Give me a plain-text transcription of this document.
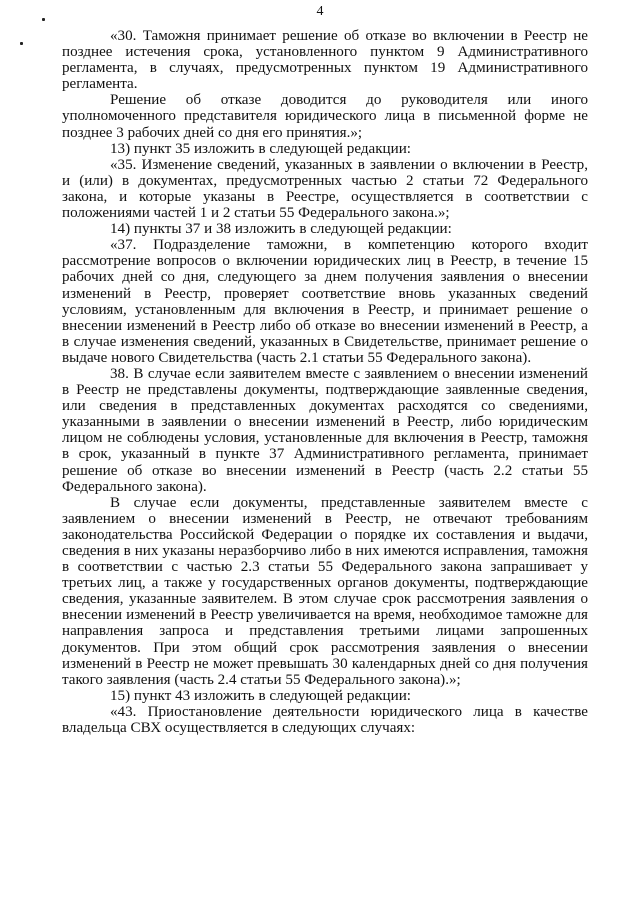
4

«30. Таможня принимает решение об отказе во включении в Реестр не позднее истечения срока, установленного пунктом 9 Административного регламента, в случаях, предусмотренных пунктом 19 Административного регламента.

Решение об отказе доводится до руководителя или иного уполномоченного представителя юридического лица в письменной форме не позднее 3 рабочих дней со дня его принятия.»;

13) пункт 35 изложить в следующей редакции:

«35. Изменение сведений, указанных в заявлении о включении в Реестр, и (или) в документах, предусмотренных частью 2 статьи 72 Федерального закона, и которые указаны в Реестре, осуществляется в соответствии с положениями частей 1 и 2 статьи 55 Федерального закона.»;

14) пункты 37 и 38 изложить в следующей редакции:

«37. Подразделение таможни, в компетенцию которого входит рассмотрение вопросов о включении юридических лиц в Реестр, в течение 15 рабочих дней со дня, следующего за днем получения заявления о внесении изменений в Реестр, проверяет соответствие вновь указанных сведений условиям, установленным для включения в Реестр, и принимает решение о внесении изменений в Реестр либо об отказе во внесении изменений в Реестр, а в случае изменения сведений, указанных в Свидетельстве, принимает решение о выдаче нового Свидетельства (часть 2.1 статьи 55 Федерального закона).

38. В случае если заявителем вместе с заявлением о внесении изменений в Реестр не представлены документы, подтверждающие заявленные сведения, или сведения в представленных документах расходятся со сведениями, указанными в заявлении о внесении изменений в Реестр, либо юридическим лицом не соблюдены условия, установленные для включения в Реестр, таможня в срок, указанный в пункте 37 Административного регламента, принимает решение об отказе во внесении изменений в Реестр (часть 2.2 статьи 55 Федерального закона).

В случае если документы, представленные заявителем вместе с заявлением о внесении изменений в Реестр, не отвечают требованиям законодательства Российской Федерации о порядке их составления и выдачи, сведения в них указаны неразборчиво либо в них имеются исправления, таможня в соответствии с частью 2.3 статьи 55 Федерального закона запрашивает у третьих лиц, а также у государственных органов документы, подтверждающие сведения, указанные заявителем. В этом случае срок рассмотрения заявления о внесении изменений в Реестр увеличивается на время, необходимое таможне для направления запроса и представления третьими лицами запрошенных документов. При этом общий срок рассмотрения заявления о внесении изменений в Реестр не может превышать 30 календарных дней со дня получения такого заявления (часть 2.4 статьи 55 Федерального закона).»;

15) пункт 43 изложить в следующей редакции:

«43. Приостановление деятельности юридического лица в качестве владельца СВХ осуществляется в следующих случаях:
